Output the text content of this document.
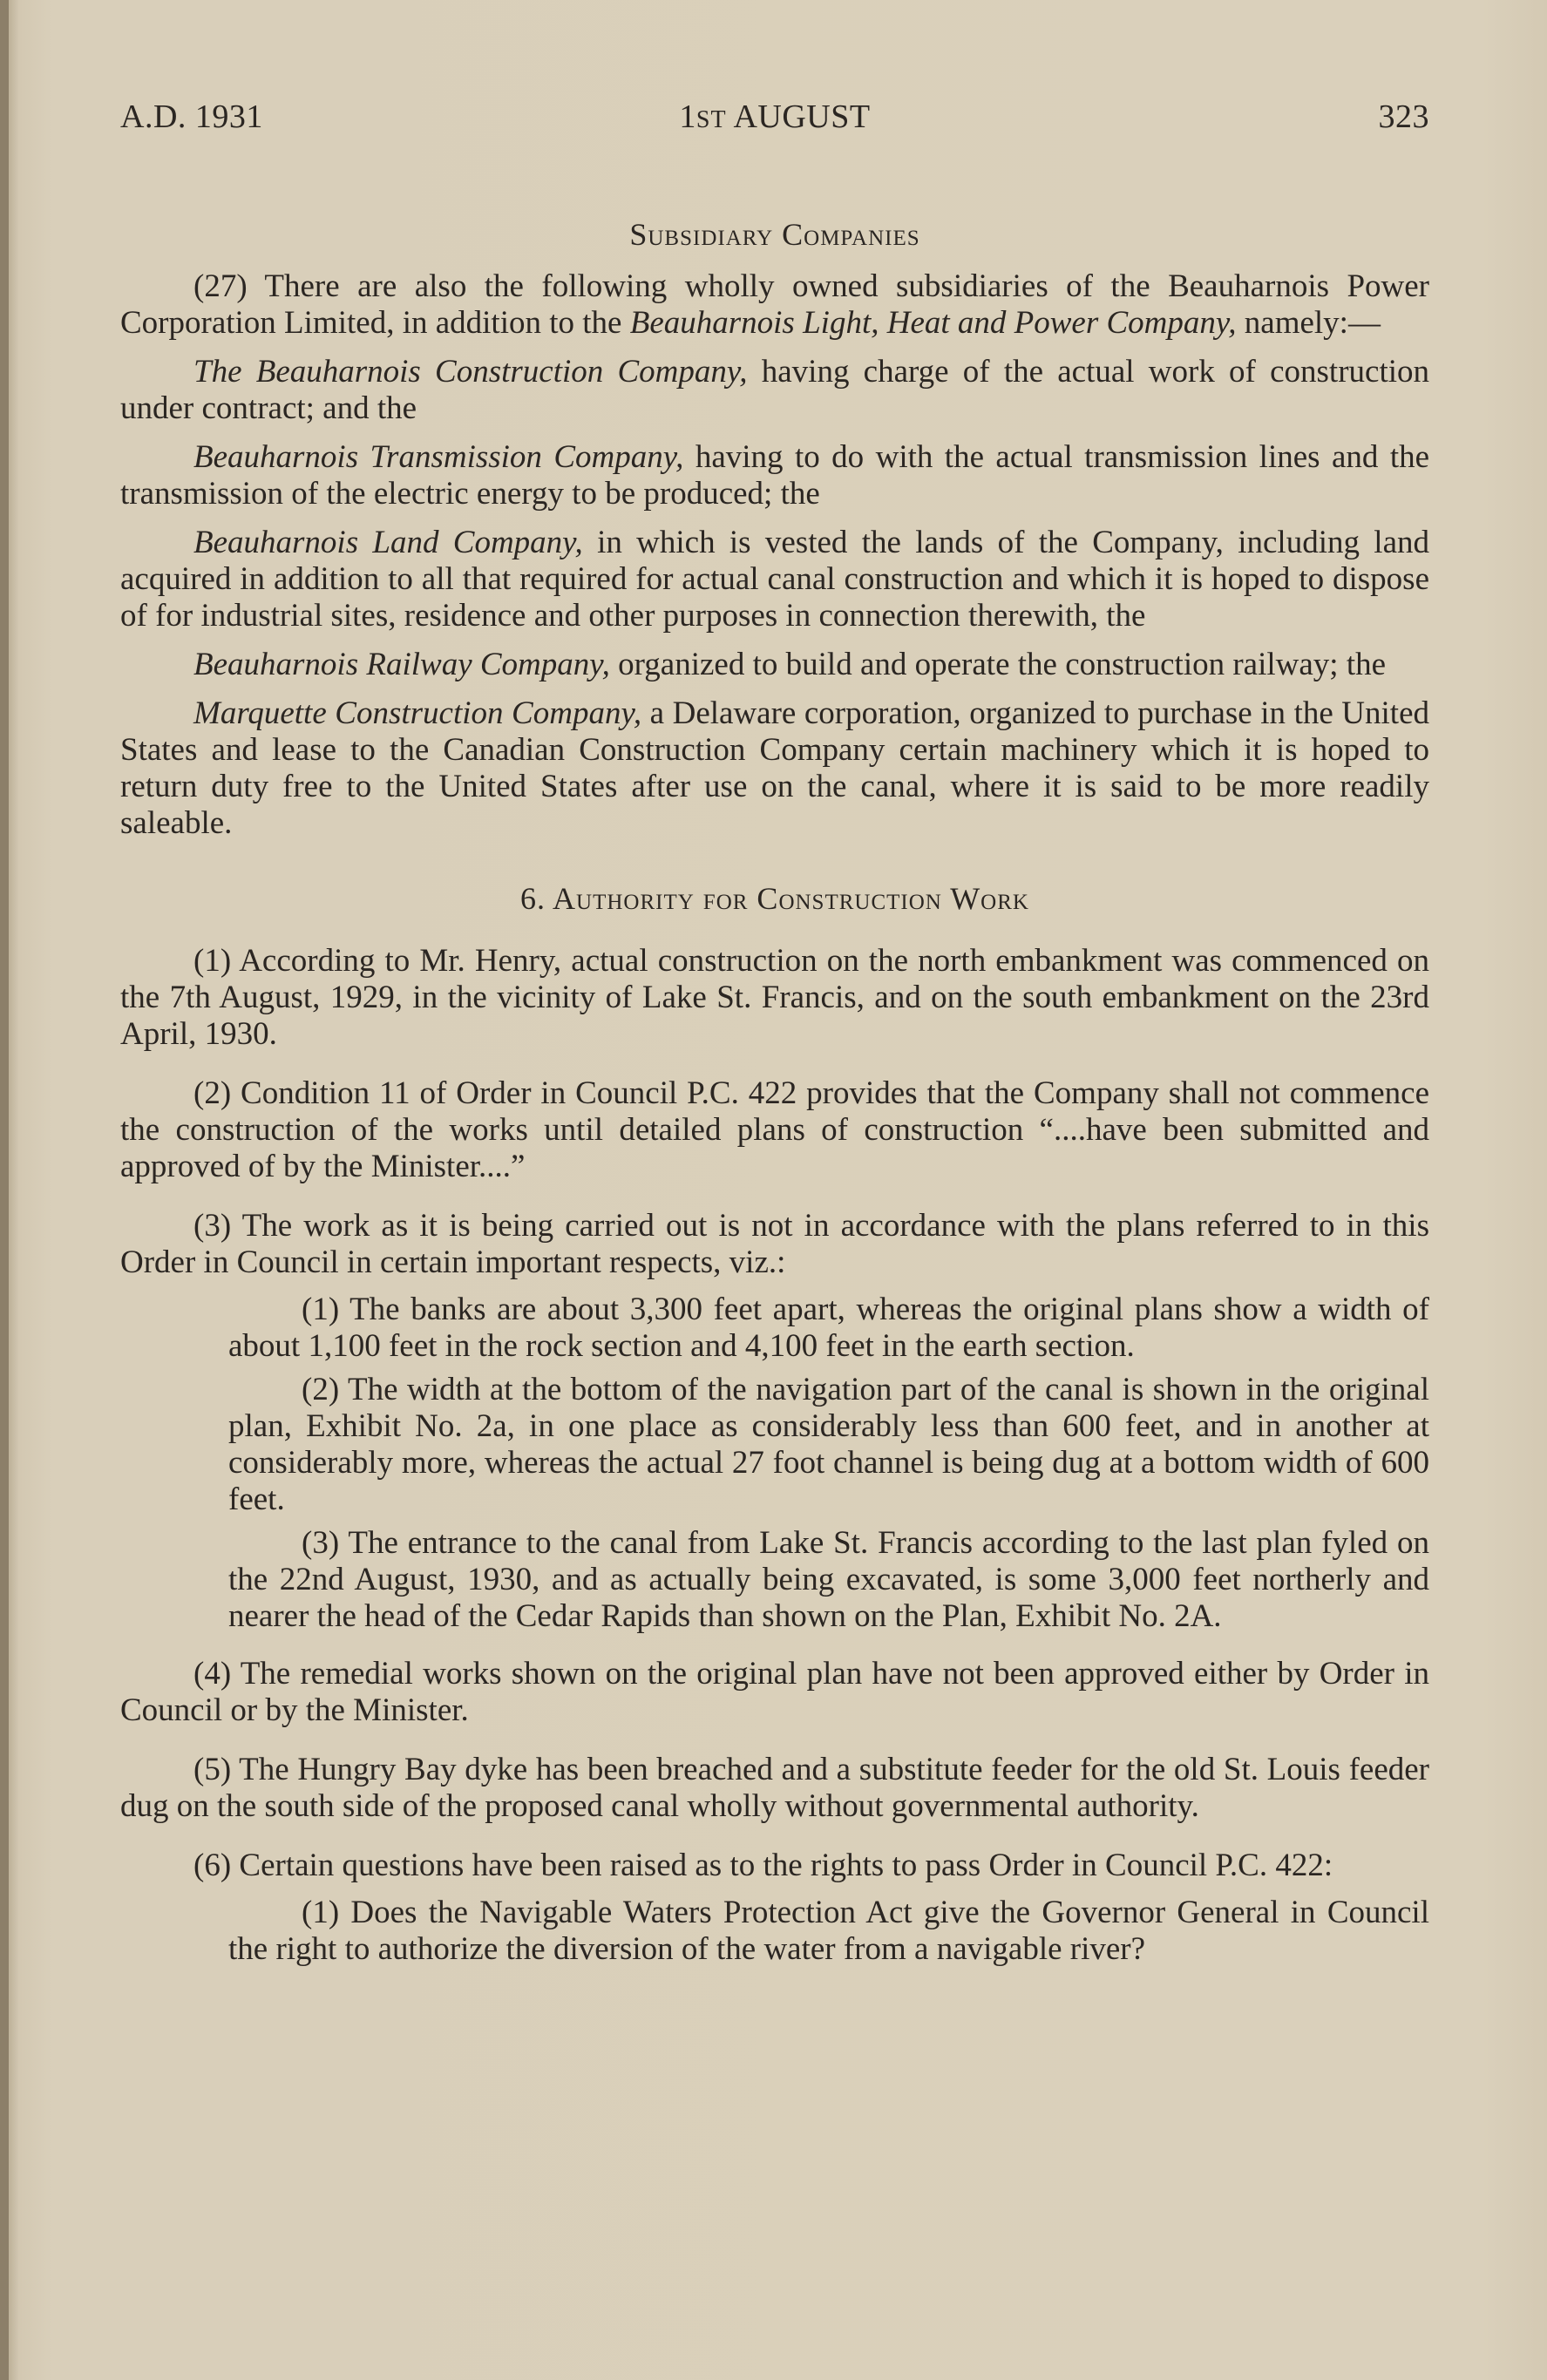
A.D. 1931	1ST AUGUST	323
Subsidiary Companies

(27) There are also the following wholly owned subsidiaries of the Beauharnois Power Corporation Limited, in addition to the Beauharnois Light, Heat and Power Company, namely:—

The Beauharnois Construction Company, having charge of the actual work of construction under contract; and the

Beauharnois Transmission Company, having to do with the actual transmission lines and the transmission of the electric energy to be produced; the

Beauharnois Land Company, in which is vested the lands of the Company, including land acquired in addition to all that required for actual canal construction and which it is hoped to dispose of for industrial sites, residence and other purposes in connection therewith, the

Beauharnois Railway Company, organized to build and operate the construction railway; the

Marquette Construction Company, a Delaware corporation, organized to purchase in the United States and lease to the Canadian Construction Company certain machinery which it is hoped to return duty free to the United States after use on the canal, where it is said to be more readily saleable.

6. Authority for Construction Work

(1) According to Mr. Henry, actual construction on the north embankment was commenced on the 7th August, 1929, in the vicinity of Lake St. Francis, and on the south embankment on the 23rd April, 1930.

(2) Condition 11 of Order in Council P.C. 422 provides that the Company shall not commence the construction of the works until detailed plans of construction “....have been submitted and approved of by the Minister....”

(3) The work as it is being carried out is not in accordance with the plans referred to in this Order in Council in certain important respects, viz.:

(1) The banks are about 3,300 feet apart, whereas the original plans show a width of about 1,100 feet in the rock section and 4,100 feet in the earth section.

(2) The width at the bottom of the navigation part of the canal is shown in the original plan, Exhibit No. 2a, in one place as considerably less than 600 feet, and in another at considerably more, whereas the actual 27 foot channel is being dug at a bottom width of 600 feet.

(3) The entrance to the canal from Lake St. Francis according to the last plan fyled on the 22nd August, 1930, and as actually being excavated, is some 3,000 feet northerly and nearer the head of the Cedar Rapids than shown on the Plan, Exhibit No. 2A.

(4) The remedial works shown on the original plan have not been approved either by Order in Council or by the Minister.

(5) The Hungry Bay dyke has been breached and a substitute feeder for the old St. Louis feeder dug on the south side of the proposed canal wholly without governmental authority.

(6) Certain questions have been raised as to the rights to pass Order in Council P.C. 422:

(1) Does the Navigable Waters Protection Act give the Governor General in Council the right to authorize the diversion of the water from a navigable river?
